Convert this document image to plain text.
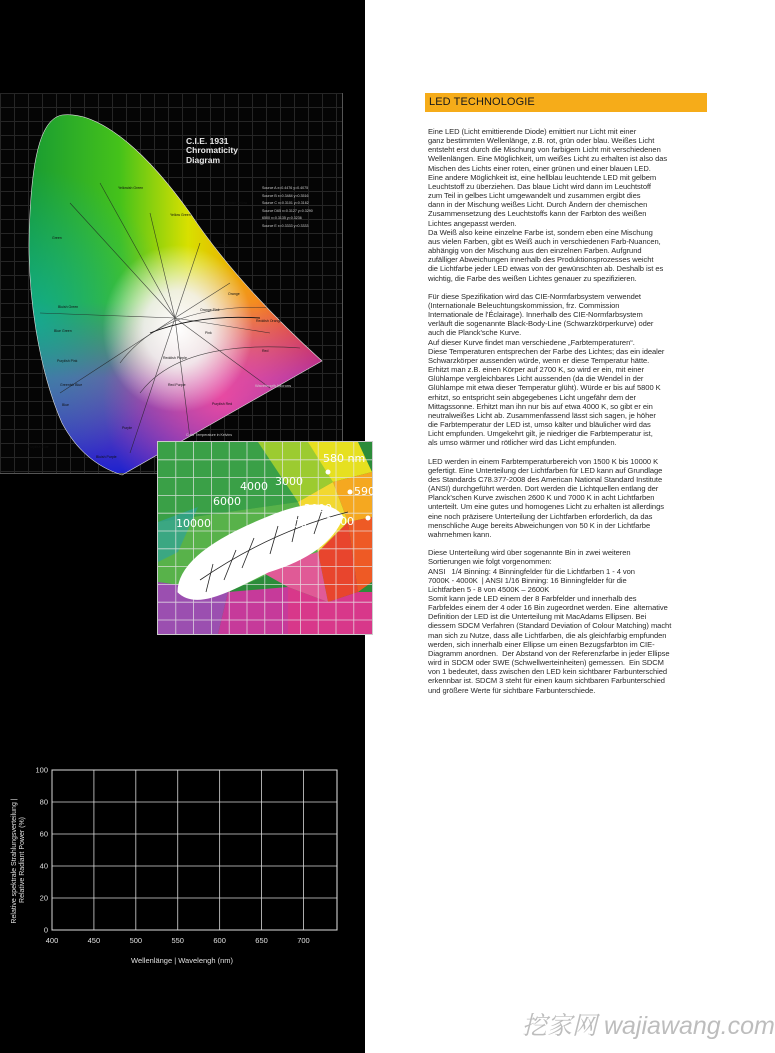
C.I.E. 1931
Chromaticity
Diagram
Source A x=0.4476 y=0.4075
Source B x=0.3484 y=0.3516
Source C x=0.3101 y=0.3162
Source D65 x=0.3127 y=0.3290
6500 x=0.3135 y=0.3236
Source E x=0.3333 y=0.3333
Green
Yellowish Green
Yellow Green
Greenish Yellow
Yellow
Orange
Reddish Orange
Red
Purplish Red
Red Purple
Reddish Purple
Purple
Bluish Purple
Purplish Blue
Blue
Purplish Pink
Pink
Orange Pink
Bluish Green
Blue Green
Greenish Blue	Wavelength Microns
Color Temperature in Kelvins
4000 3000
6000
2000
10000	2500 1500
580 nm
590
400	450	500	550	600	650	700
0
20
40
60
80
100
Wellenlänge | Wavelengh (nm)
Relative spektrale Strahlungsverteilung | Relative Radiant Power (%)
LED TECHNOLOGIE
Eine LED (Licht emittierende Diode) emittiert nur Licht mit einer
ganz bestimmten Wellenlänge, z.B. rot, grün oder blau. Weißes Licht
entsteht erst durch die Mischung von farbigem Licht mit verschiedenen
Wellenlängen. Eine Möglichkeit, um weißes Licht zu erhalten ist also das
Mischen des Lichts einer roten, einer grünen und einer blauen LED.
Eine andere Möglichkeit ist, eine hellblau leuchtende LED mit gelbem
Leuchtstoff zu überziehen. Das blaue Licht wird dann im Leuchtstoff
zum Teil in gelbes Licht umgewandelt und zusammen ergibt dies
dann in der Mischung weißes Licht. Durch Ändern der chemischen
Zusammensetzung des Leuchtstoffs kann der Farbton des weißen
Lichtes angepasst werden.
Da Weiß also keine einzelne Farbe ist, sondern eben eine Mischung
aus vielen Farben, gibt es Weiß auch in verschiedenen Farb-Nuancen,
abhängig von der Mischung aus den einzelnen Farben. Aufgrund
zufälliger Abweichungen innerhalb des Produktionsprozesses weicht
die Lichtfarbe jeder LED etwas von der gewünschten ab. Deshalb ist es
wichtig, die Farbe des weißen Lichtes genauer zu spezifizieren.

Für diese Spezifikation wird das CIE-Normfarbsystem verwendet
(Internationale Beleuchtungskommission, frz. Commission
Internationale de l'Éclairage). Innerhalb des CIE-Normfarbsystem
verläuft die sogenannte Black-Body-Line (Schwarzkörperkurve) oder
auch die Planck'sche Kurve.
Auf dieser Kurve findet man verschiedene „Farbtemperaturen“.
Diese Temperaturen entsprechen der Farbe des Lichtes; das ein idealer
Schwarzkörper aussenden würde, wenn er diese Temperatur hätte.
Erhitzt man z.B. einen Körper auf 2700 K, so wird er ein, mit einer
Glühlampe vergleichbares Licht aussenden (da die Wendel in der
Glühlampe mit etwa dieser Temperatur glüht). Würde er bis auf 5800 K
erhitzt, so entspricht sein abgegebenes Licht ungefähr dem der
Mittagssonne. Erhitzt man ihn nur bis auf etwa 4000 K, so gibt er ein
neutralweißes Licht ab. Zusammenfassend lässt sich sagen, je höher
die Farbtemperatur der LED ist, umso kälter und bläulicher wird das
Licht empfunden. Umgekehrt gilt, je niedriger die Farbtemperatur ist,
als umso wärmer und rötlicher wird das Licht empfunden.

LED werden in einem Farbtemperaturbereich von 1500 K bis 10000 K
gefertigt. Eine Unterteilung der Lichtfarben für LED kann auf Grundlage
des Standards C78.377-2008 des American National Standard Institute
(ANSI) durchgeführt werden. Dort werden die Lichtquellen entlang der
Planck'schen Kurve zwischen 2600 K und 7000 K in acht Lichtfarben
unterteilt. Um eine gutes und homogenes Licht zu erhalten ist allerdings
eine noch präzisere Unterteilung der Lichtfarben erforderlich, da das
menschliche Auge bereits Abweichungen von 50 K in der Lichtfarbe
wahrnehmen kann.

Diese Unterteilung wird über sogenannte Bin in zwei weiteren
Sortierungen wie folgt vorgenommen:
ANSI   1/4 Binning: 4 Binningfelder für die Lichtfarben 1 - 4 von
7000K - 4000K  | ANSI 1/16 Binning: 16 Binningfelder für die
Lichtfarben 5 - 8 von 4500K – 2600K
Somit kann jede LED einem der 8 Farbfelder und innerhalb des
Farbfeldes einem der 4 oder 16 Bin zugeordnet werden. Eine  alternative
Definition der LED ist die Unterteilung mit MacAdams Ellipsen. Bei
diessem SDCM Verfahren (Standard Deviation of Colour Matching) macht
man sich zu Nutze, dass alle Lichtfarben, die als gleichfarbig empfunden
werden, sich innerhalb einer Ellipse um einen Bezugsfarbton im CIE-
Diagramm anordnen.  Der Abstand von der Referenzfarbe in jeder Ellipse
wird in SDCM oder SWE (Schwellwerteinheiten) gemessen.  Ein SDCM
von 1 bedeutet, dass zwischen den LED kein sichtbarer Farbunterschied
erkennbar ist. SDCM 3 steht für einen kaum sichtbaren Farbunterschied
und größere Werte für sichtbare Farbunterschiede.
挖家网 wajiawang.com
